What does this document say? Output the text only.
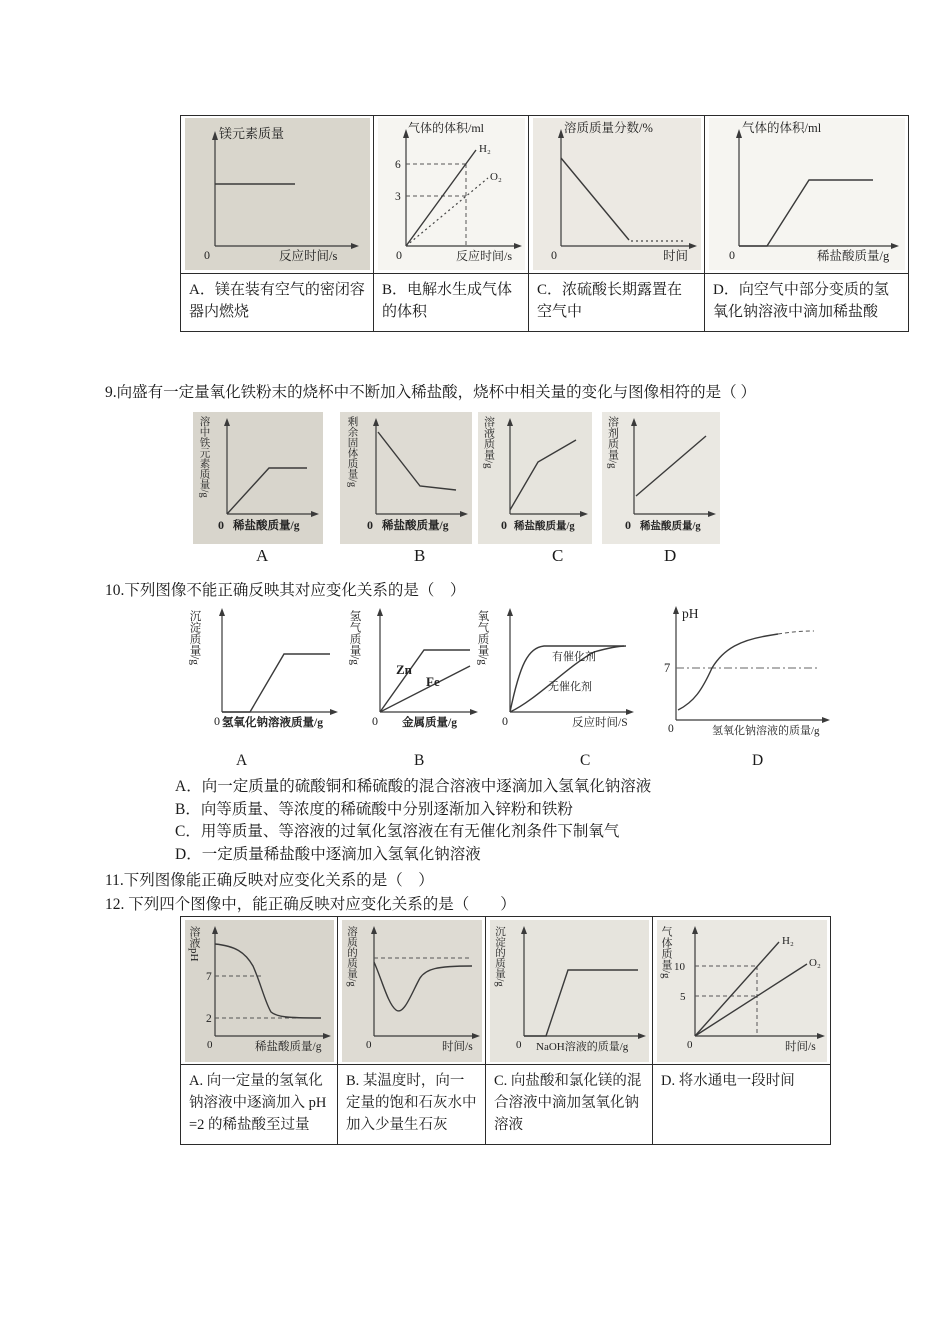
镁元素质量
0	反应时间/s

气体的体积/ml
6
3
H₂
O₂
0	反应时间/s

溶质质量分数/%
0	时间

气体的体积/ml
0	稀盐酸质量/g

A．镁在装有空气的密闭容器内燃烧	B．电解水生成气体的体积	C．浓硫酸长期露置在空气中	D．向空气中部分变质的氢氧化钠溶液中滴加稀盐酸
9.向盛有一定量氧化铁粉末的烧杯中不断加入稀盐酸，烧杯中相关量的变化与图像相符的是（ ）
溶中铁元素质量/g
0 稀盐酸质量/g
剩余固体质量/g
0 稀盐酸质量/g
溶液质量/g
0 稀盐酸质量/g
溶剂质量/g
0 稀盐酸质量/g
A	B	C	D
10.下列图像不能正确反映其对应变化关系的是（　）
沉淀质量/g
0 氢氧化钠溶液质量/g
氢气质量/g
Zn
Fe
0 金属质量/g
氧气质量/g	有催化剂
无催化剂
0	反应时间/S
pH
7
0	氢氧化钠溶液的质量/g
A	B	C	D
A．向一定质量的硫酸铜和稀硫酸的混合溶液中逐滴加入氢氧化钠溶液
B．向等质量、等浓度的稀硫酸中分别逐渐加入锌粉和铁粉
C．用等质量、等溶液的过氧化氢溶液在有无催化剂条件下制氧气
D．一定质量稀盐酸中逐滴加入氢氧化钠溶液
11.下列图像能正确反映对应变化关系的是（　）
12. 下列四个图像中，能正确反映对应变化关系的是（　　）
溶液pH
7
2
0	稀盐酸质量/g

溶质的质量/g
0	时间/s

沉淀的质量/g
0 NaOH溶液的质量/g

气体质量/g 10
5
H₂
O₂
0	时间/s

A. 向一定量的氢氧化钠溶液中逐滴加入 pH =2 的稀盐酸至过量	B. 某温度时，向一定量的饱和石灰水中加入少量生石灰	C. 向盐酸和氯化镁的混合溶液中滴加氢氧化钠溶液	D. 将水通电一段时间
